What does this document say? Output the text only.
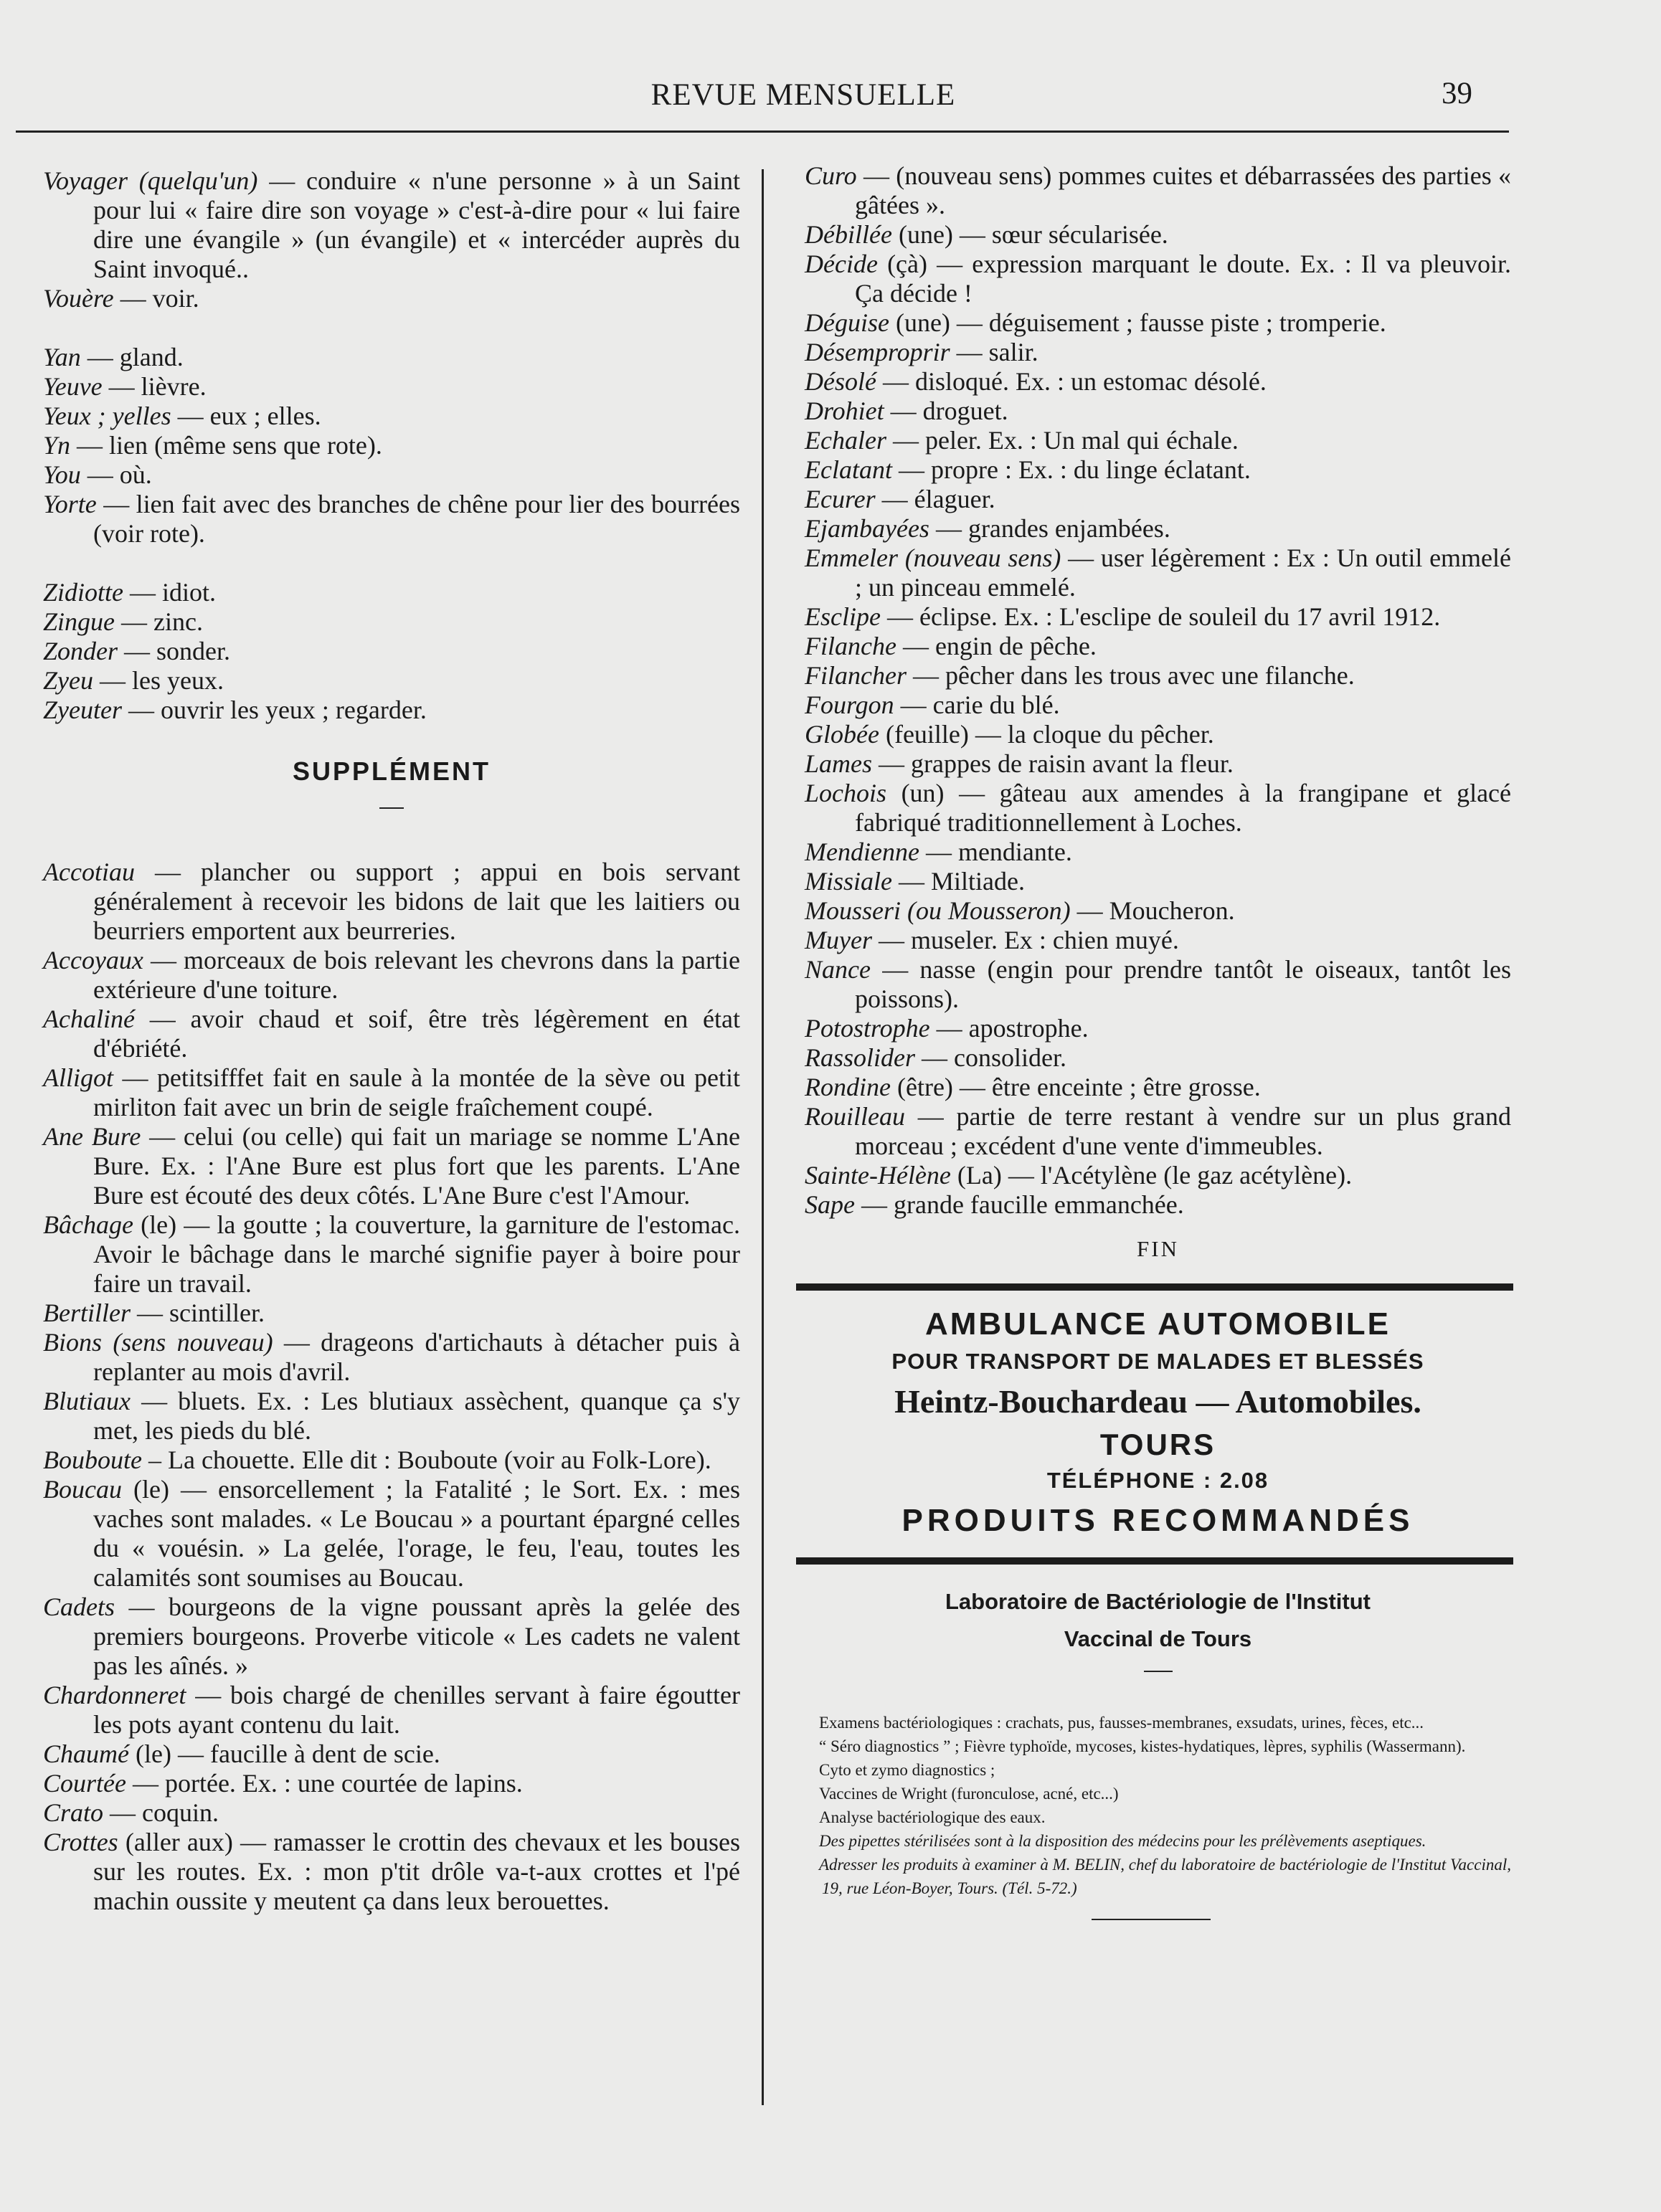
REVUE MENSUELLE	39

Voyager (quelqu'un) — conduire « n'une personne » à un Saint pour lui « faire dire son voyage » c'est-à-dire pour « lui faire dire une évangile » (un évangile) et « intercéder auprès du Saint invoqué..

Vouère — voir.

Yan — gland.

Yeuve — lièvre.

Yeux ; yelles — eux ; elles.

Yn — lien (même sens que rote).

You — où.

Yorte — lien fait avec des branches de chêne pour lier des bourrées (voir rote).

Zidiotte — idiot.

Zingue — zinc.

Zonder — sonder.

Zyeu — les yeux.

Zyeuter — ouvrir les yeux ; regarder.

SUPPLÉMENT

Accotiau — plancher ou support ; appui en bois servant généralement à recevoir les bidons de lait que les laitiers ou beurriers emportent aux beurreries.

Accoyaux — morceaux de bois relevant les chevrons dans la partie extérieure d'une toiture.

Achaliné — avoir chaud et soif, être très légèrement en état d'ébriété.

Alligot — petitsifffet fait en saule à la montée de la sève ou petit mirliton fait avec un brin de seigle fraîchement coupé.

Ane Bure — celui (ou celle) qui fait un mariage se nomme L'Ane Bure. Ex. : l'Ane Bure est plus fort que les parents. L'Ane Bure est écouté des deux côtés. L'Ane Bure c'est l'Amour.

Bâchage (le) — la goutte ; la couverture, la garniture de l'estomac. Avoir le bâchage dans le marché signifie payer à boire pour faire un travail.

Bertiller — scintiller.

Bions (sens nouveau) — drageons d'artichauts à détacher puis à replanter au mois d'avril.

Blutiaux — bluets. Ex. : Les blutiaux assèchent, quanque ça s'y met, les pieds du blé.

Bouboute – La chouette. Elle dit : Bouboute (voir au Folk-Lore).

Boucau (le) — ensorcellement ; la Fatalité ; le Sort. Ex. : mes vaches sont malades. « Le Boucau » a pourtant épargné celles du « vouésin. » La gelée, l'orage, le feu, l'eau, toutes les calamités sont soumises au Boucau.

Cadets — bourgeons de la vigne poussant après la gelée des premiers bourgeons. Proverbe viticole « Les cadets ne valent pas les aînés. »

Chardonneret — bois chargé de chenilles servant à faire égoutter les pots ayant contenu du lait.

Chaumé (le) — faucille à dent de scie.

Courtée — portée. Ex. : une courtée de lapins.

Crato — coquin.

Crottes (aller aux) — ramasser le crottin des chevaux et les bouses sur les routes. Ex. : mon p'tit drôle va-t-aux crottes et l'pé machin oussite y meutent ça dans leux berouettes.

Curo — (nouveau sens) pommes cuites et débarrassées des parties « gâtées ».

Débillée (une) — sœur sécularisée.

Décide (çà) — expression marquant le doute. Ex. : Il va pleuvoir. Ça décide !

Déguise (une) — déguisement ; fausse piste ; tromperie.

Désemproprir — salir.

Désolé — disloqué. Ex. : un estomac désolé.

Drohiet — droguet.

Echaler — peler. Ex. : Un mal qui échale.

Eclatant — propre : Ex. : du linge éclatant.

Ecurer — élaguer.

Ejambayées — grandes enjambées.

Emmeler (nouveau sens) — user légèrement : Ex : Un outil emmelé ; un pinceau emmelé.

Esclipe — éclipse. Ex. : L'esclipe de souleil du 17 avril 1912.

Filanche — engin de pêche.

Filancher — pêcher dans les trous avec une filanche.

Fourgon — carie du blé.

Globée (feuille) — la cloque du pêcher.

Lames — grappes de raisin avant la fleur.

Lochois (un) — gâteau aux amendes à la frangipane et glacé fabriqué traditionnellement à Loches.

Mendienne — mendiante.

Missiale — Miltiade.

Mousseri (ou Mousseron) — Moucheron.

Muyer — museler. Ex : chien muyé.

Nance — nasse (engin pour prendre tantôt le oiseaux, tantôt les poissons).

Potostrophe — apostrophe.

Rassolider — consolider.

Rondine (être) — être enceinte ; être grosse.

Rouilleau — partie de terre restant à vendre sur un plus grand morceau ; excédent d'une vente d'immeubles.

Sainte-Hélène (La) — l'Acétylène (le gaz acétylène).

Sape — grande faucille emmanchée.

FIN
AMBULANCE AUTOMOBILE
POUR TRANSPORT DE MALADES ET BLESSÉS
Heintz-Bouchardeau — Automobiles.
TOURS
TÉLÉPHONE : 2.08
PRODUITS RECOMMANDÉS
Laboratoire de Bactériologie de l'Institut
Vaccinal de Tours

Examens bactériologiques : crachats, pus, fausses-membranes, exsudats, urines, fèces, etc...

“ Séro diagnostics ” ; Fièvre typhoïde, mycoses, kistes-hydatiques, lèpres, syphilis (Wassermann).

Cyto et zymo diagnostics ;

Vaccines de Wright (furonculose, acné, etc...)

Analyse bactériologique des eaux.

Des pipettes stérilisées sont à la disposition des médecins pour les prélèvements aseptiques.

Adresser les produits à examiner à M. BELIN, chef du laboratoire de bactériologie de l'Institut Vaccinal, 19, rue Léon-Boyer, Tours. (Tél. 5-72.)
